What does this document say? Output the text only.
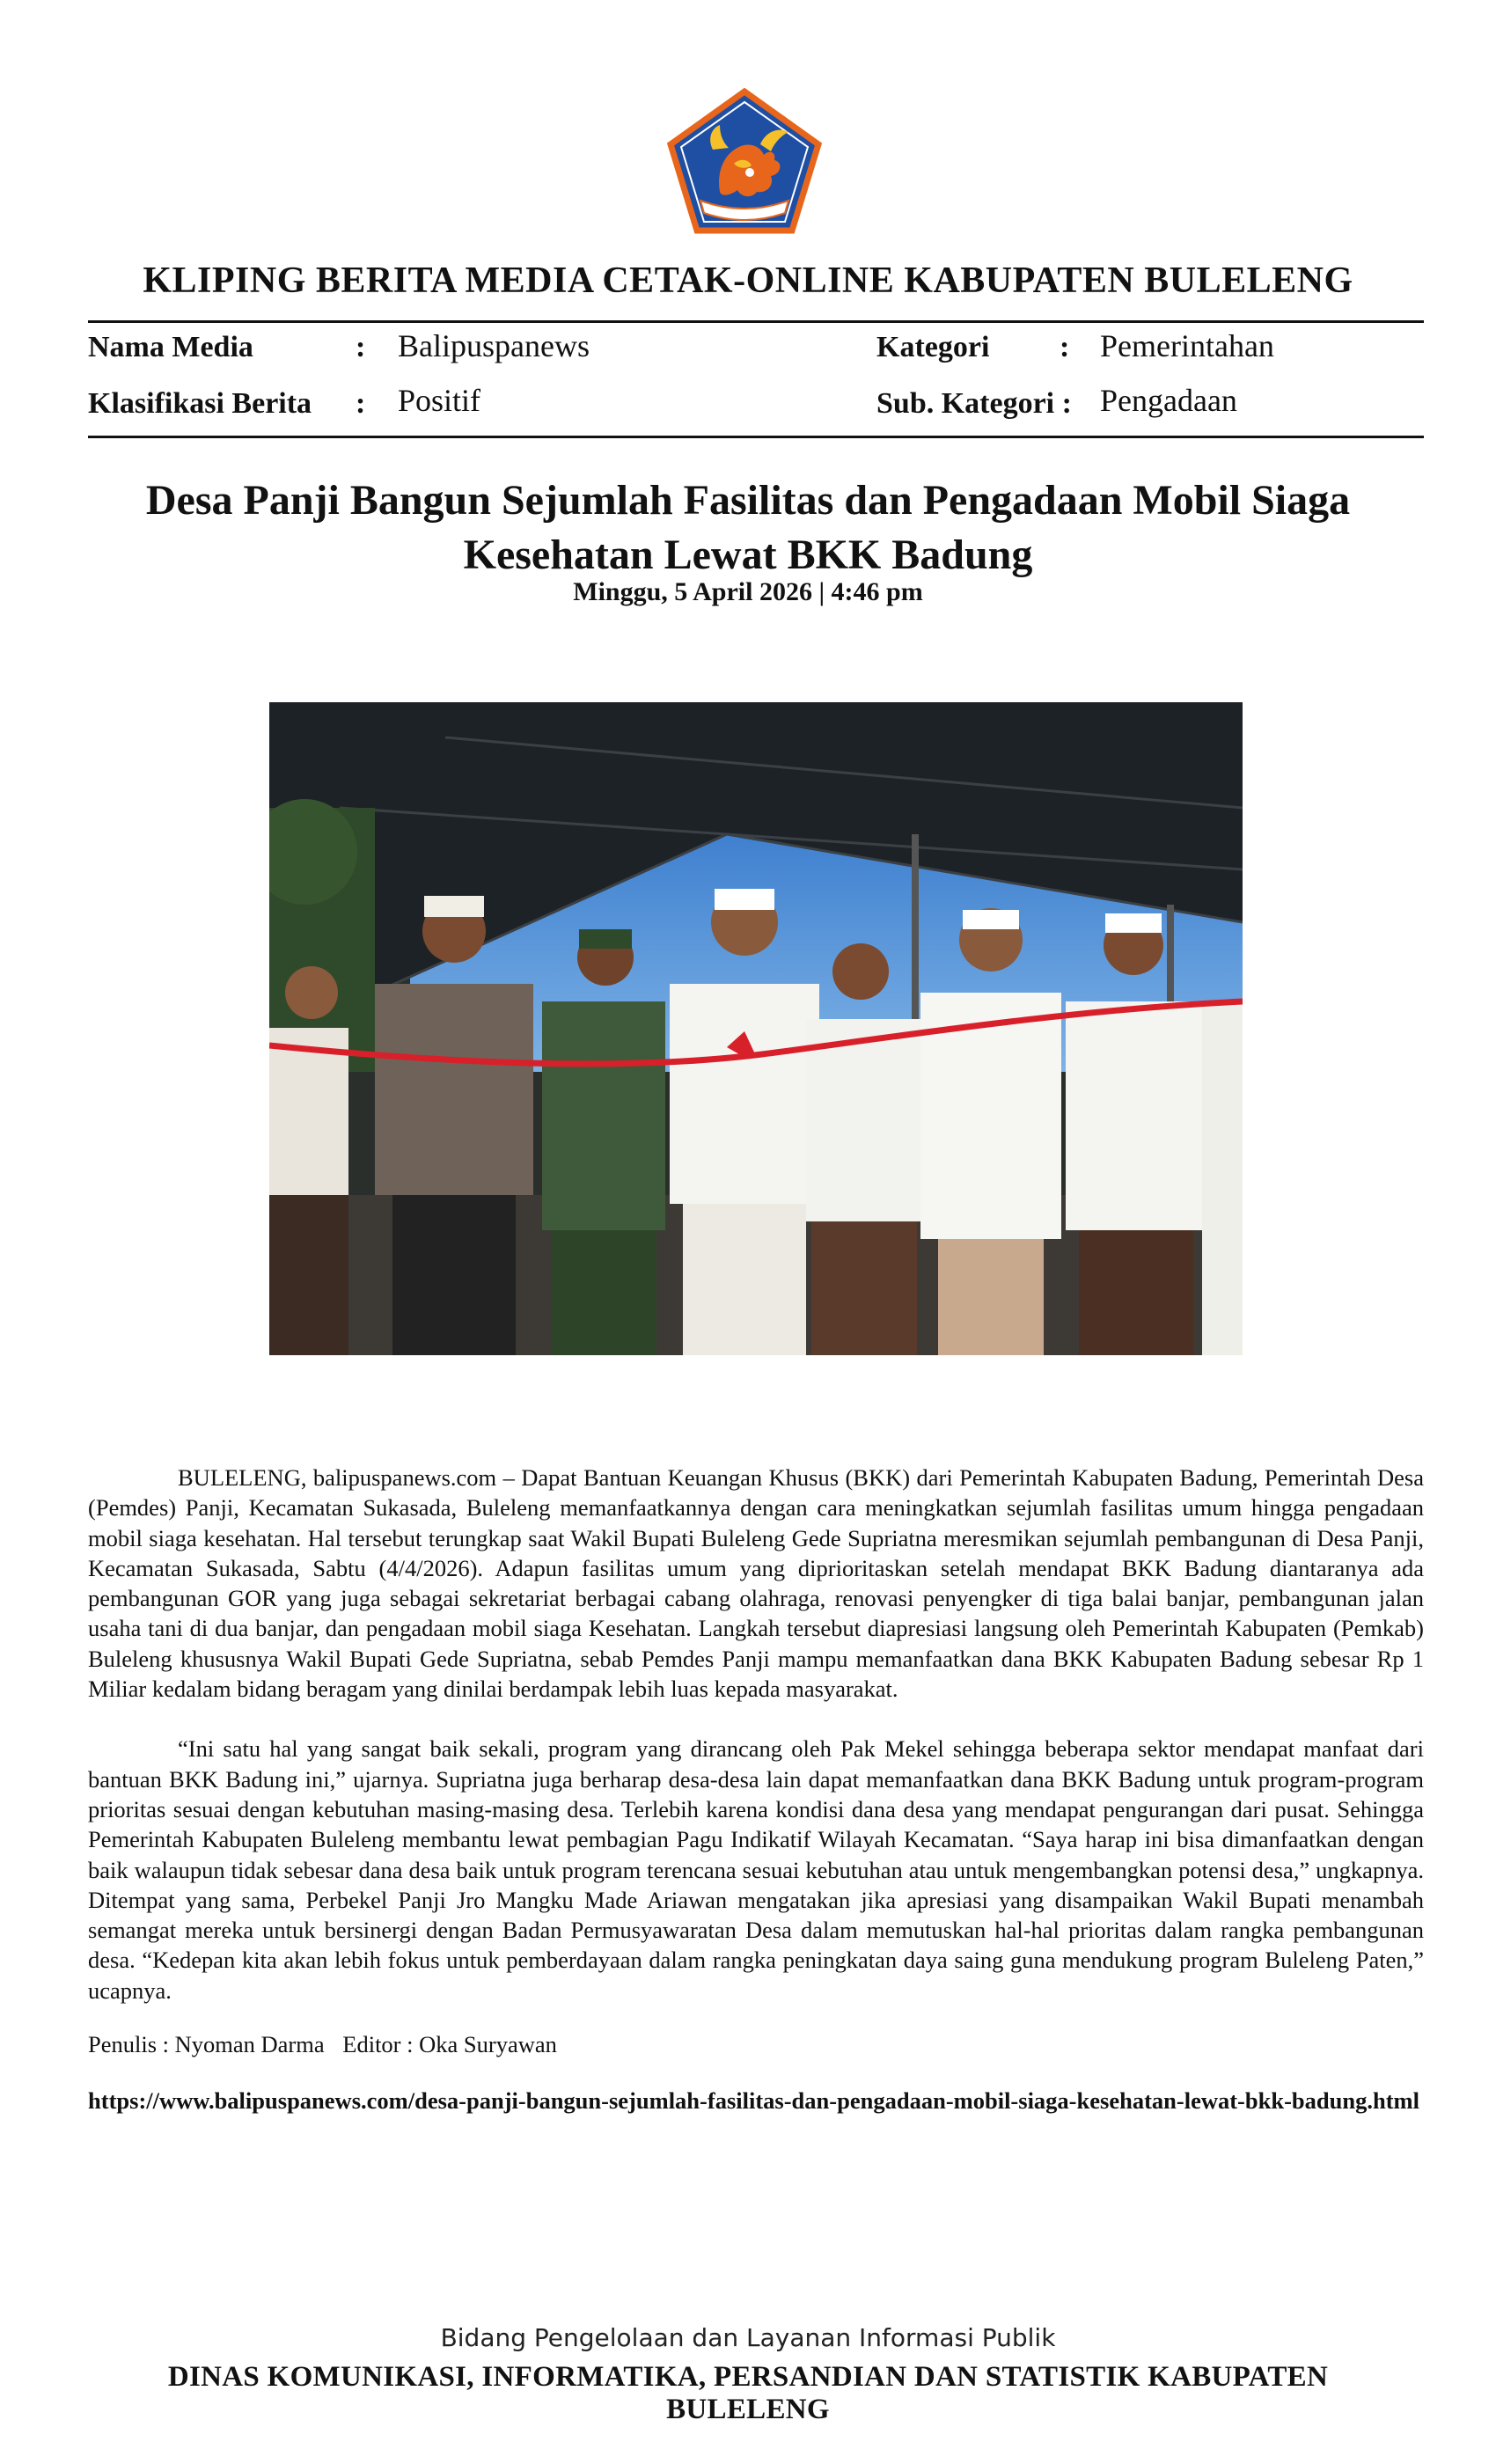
KLIPING BERITA MEDIA CETAK-ONLINE KABUPATEN BULELENG
Nama Media	: Balipuspanews
Klasifikasi Berita : Positif
Kategori : Pemerintahan
Sub. Kategori : Pengadaan
Desa Panji Bangun Sejumlah Fasilitas dan Pengadaan Mobil Siaga Kesehatan Lewat BKK Badung
Minggu, 5 April 2026 | 4:46 pm

BULELENG, balipuspanews.com – Dapat Bantuan Keuangan Khusus (BKK) dari Pemerintah Kabupaten Badung, Pemerintah Desa (Pemdes) Panji, Kecamatan Sukasada, Buleleng memanfaatkannya dengan cara meningkatkan sejumlah fasilitas umum hingga pengadaan mobil siaga kesehatan. Hal tersebut terungkap saat Wakil Bupati Buleleng Gede Supriatna meresmikan sejumlah pembangunan di Desa Panji, Kecamatan Sukasada, Sabtu (4/4/2026). Adapun fasilitas umum yang diprioritaskan setelah mendapat BKK Badung diantaranya ada pembangunan GOR yang juga sebagai sekretariat berbagai cabang olahraga, renovasi penyengker di tiga balai banjar, pembangunan jalan usaha tani di dua banjar, dan pengadaan mobil siaga Kesehatan. Langkah tersebut diapresiasi langsung oleh Pemerintah Kabupaten (Pemkab) Buleleng khususnya Wakil Bupati Gede Supriatna, sebab Pemdes Panji mampu memanfaatkan dana BKK Kabupaten Badung sebesar Rp 1 Miliar kedalam bidang beragam yang dinilai berdampak lebih luas kepada masyarakat.

“Ini satu hal yang sangat baik sekali, program yang dirancang oleh Pak Mekel sehingga beberapa sektor mendapat manfaat dari bantuan BKK Badung ini,” ujarnya. Supriatna juga berharap desa-desa lain dapat memanfaatkan dana BKK Badung untuk program-program prioritas sesuai dengan kebutuhan masing-masing desa. Terlebih karena kondisi dana desa yang mendapat pengurangan dari pusat. Sehingga Pemerintah Kabupaten Buleleng membantu lewat pembagian Pagu Indikatif Wilayah Kecamatan. “Saya harap ini bisa dimanfaatkan dengan baik walaupun tidak sebesar dana desa baik untuk program terencana sesuai kebutuhan atau untuk mengembangkan potensi desa,” ungkapnya. Ditempat yang sama, Perbekel Panji Jro Mangku Made Ariawan mengatakan jika apresiasi yang disampaikan Wakil Bupati menambah semangat mereka untuk bersinergi dengan Badan Permusyawaratan Desa dalam memutuskan hal-hal prioritas dalam rangka pembangunan desa. “Kedepan kita akan lebih fokus untuk pemberdayaan dalam rangka peningkatan daya saing guna mendukung program Buleleng Paten,” ucapnya.

Penulis : Nyoman Darma Editor : Oka Suryawan
https://www.balipuspanews.com/desa-panji-bangun-sejumlah-fasilitas-dan-pengadaan-mobil-siaga-kesehatan-lewat-bkk-badung.html
Bidang Pengelolaan dan Layanan Informasi Publik
DINAS KOMUNIKASI, INFORMATIKA, PERSANDIAN DAN STATISTIK KABUPATEN BULELENG
